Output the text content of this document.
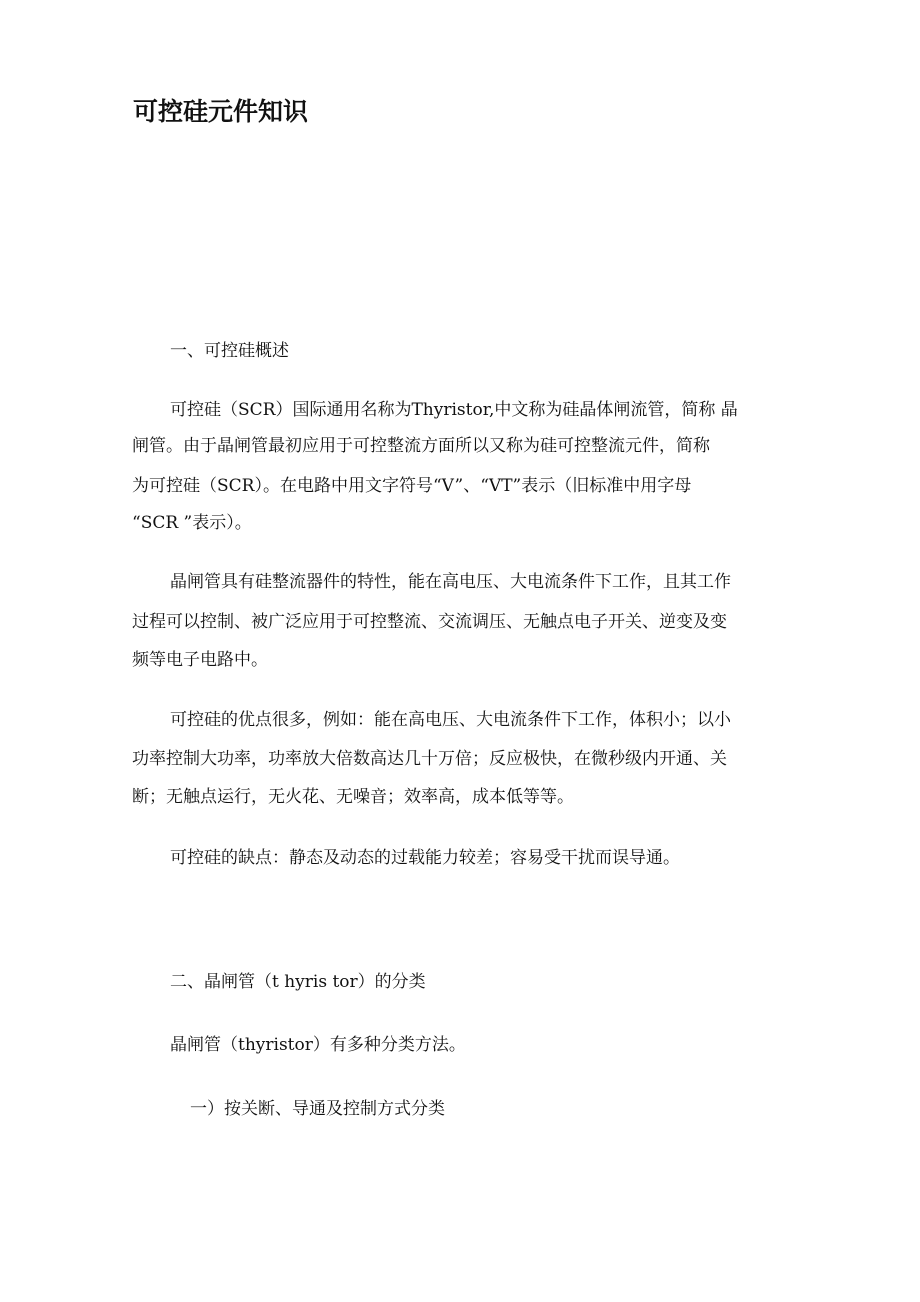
可控硅元件知识

一、可控硅概述

可控硅（SCR）国际通用名称为Thyristor,中文称为硅晶体闸流管，简称 晶

闸管。由于晶闸管最初应用于可控整流方面所以又称为硅可控整流元件，简称

为可控硅（SCR）。在电路中用文字符号“V”、“VT”表示（旧标准中用字母

“SCR ”表示）。

晶闸管具有硅整流器件的特性，能在高电压、大电流条件下工作，且其工作

过程可以控制、被广泛应用于可控整流、交流调压、无触点电子开关、逆变及变

频等电子电路中。

可控硅的优点很多，例如：能在高电压、大电流条件下工作，体积小；以小

功率控制大功率，功率放大倍数高达几十万倍；反应极快，在微秒级内开通、关

断；无触点运行，无火花、无噪音；效率高，成本低等等。

可控硅的缺点：静态及动态的过载能力较差；容易受干扰而误导通。

二、晶闸管（t hyris tor）的分类

晶闸管（thyristor）有多种分类方法。

一）按关断、导通及控制方式分类
